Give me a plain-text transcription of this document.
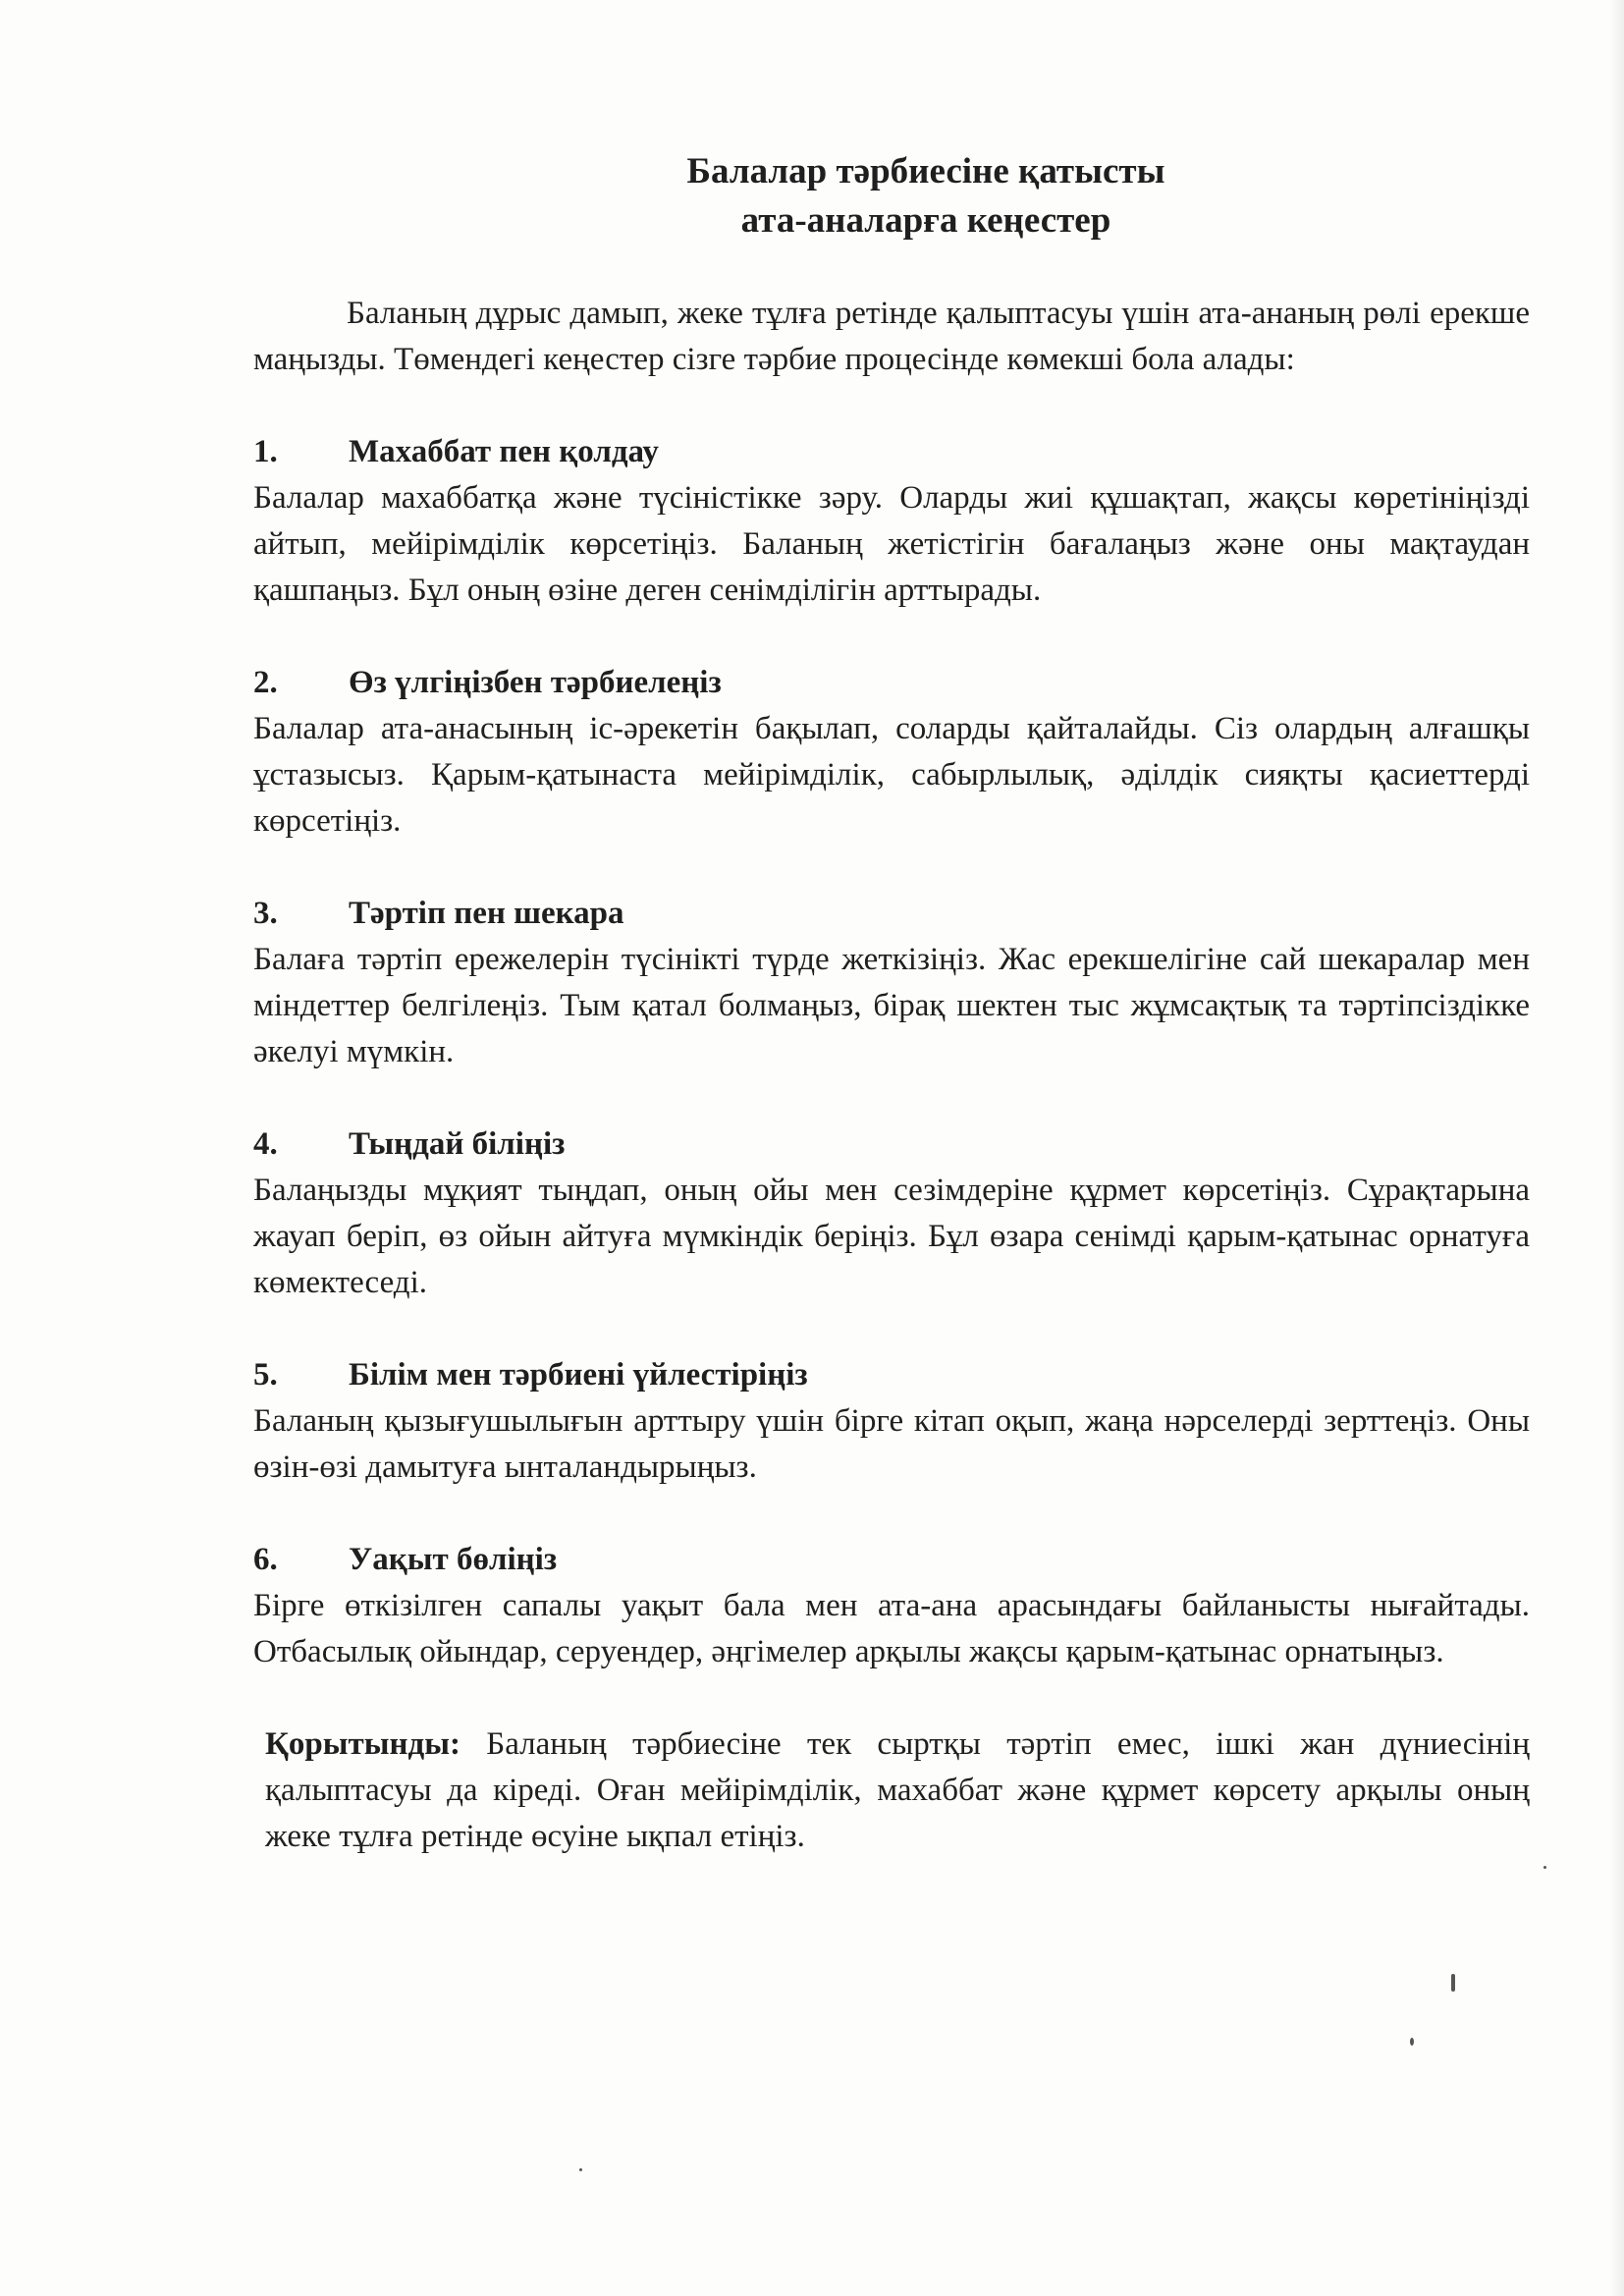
Балалар тәрбиесіне қатысты
ата-аналарға кеңестер

Баланың дұрыс дамып, жеке тұлға ретінде қалыптасуы үшін ата-ананың рөлі ерекше маңызды. Төмендегі кеңестер сізге тәрбие процесінде көмекші бола алады:

1.	Махаббат пен қолдау

Балалар махаббатқа және түсіністікке зәру. Оларды жиі құшақтап, жақсы көретініңізді айтып, мейірімділік көрсетіңіз. Баланың жетістігін бағалаңыз және оны мақтаудан қашпаңыз. Бұл оның өзіне деген сенімділігін арттырады.

2.	Өз үлгіңізбен тәрбиелеңіз

Балалар ата-анасының іс-әрекетін бақылап, соларды қайталайды. Сіз олардың алғашқы ұстазысыз. Қарым-қатынаста мейірімділік, сабырлылық, әділдік сияқты қасиеттерді көрсетіңіз.

3.	Тәртіп пен шекара

Балаға тәртіп ережелерін түсінікті түрде жеткізіңіз. Жас ерекшелігіне сай шекаралар мен міндеттер белгілеңіз. Тым қатал болмаңыз, бірақ шектен тыс жұмсақтық та тәртіпсіздікке әкелуі мүмкін.

4.	Тыңдай біліңіз

Балаңызды мұқият тыңдап, оның ойы мен сезімдеріне құрмет көрсетіңіз. Сұрақтарына жауап беріп, өз ойын айтуға мүмкіндік беріңіз. Бұл өзара сенімді қарым-қатынас орнатуға көмектеседі.

5.	Білім мен тәрбиені үйлестіріңіз

Баланың қызығушылығын арттыру үшін бірге кітап оқып, жаңа нәрселерді зерттеңіз. Оны өзін-өзі дамытуға ынталандырыңыз.

6.	Уақыт бөліңіз

Бірге өткізілген сапалы уақыт бала мен ата-ана арасындағы байланысты нығайтады. Отбасылық ойындар, серуендер, әңгімелер арқылы жақсы қарым-қатынас орнатыңыз.

Қорытынды: Баланың тәрбиесіне тек сыртқы тәртіп емес, ішкі жан дүниесінің қалыптасуы да кіреді. Оған мейірімділік, махаббат және құрмет көрсету арқылы оның жеке тұлға ретінде өсуіне ықпал етіңіз.
